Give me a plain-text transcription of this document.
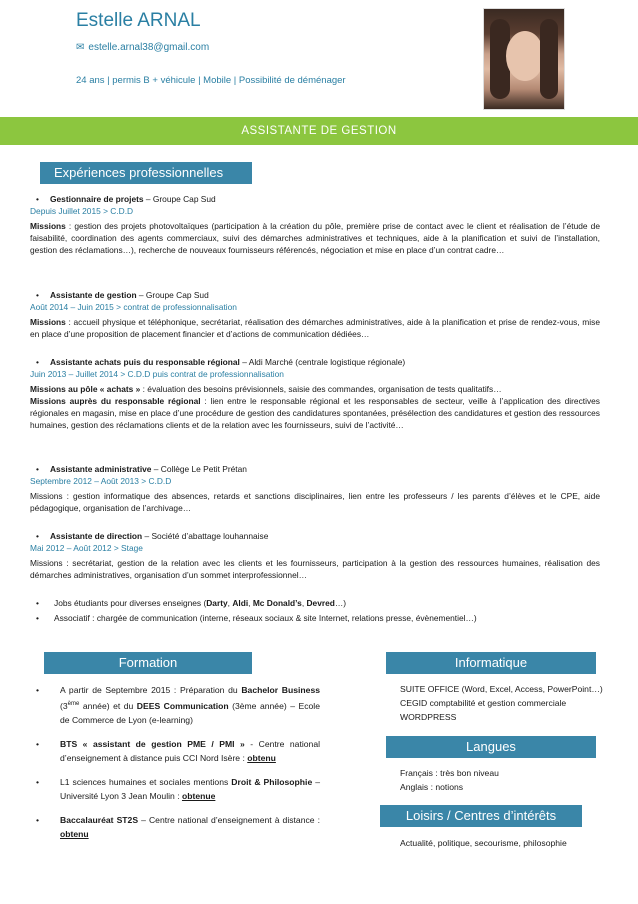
Estelle ARNAL
✉ estelle.arnal38@gmail.com
24 ans | permis B + véhicule | Mobile | Possibilité de déménager
ASSISTANTE DE GESTION
Expériences professionnelles
• Gestionnaire de projets – Groupe Cap Sud

Depuis Juillet 2015 > C.D.D

Missions : gestion des projets photovoltaïques (participation à la création du pôle, première prise de contact avec le client et réalisation de l’étude de faisabilité, coordination des agents commerciaux, suivi des démarches administratives et techniques, aide à la planification et suivi de l’installation, gestion des réclamations…), recherche de nouveaux fournisseurs référencés, négociation et mise en place d’un contrat cadre…

• Assistante de gestion – Groupe Cap Sud

Août 2014 – Juin 2015 > contrat de professionnalisation

Missions : accueil physique et téléphonique, secrétariat, réalisation des démarches administratives, aide à la planification et prise de rendez-vous, mise en place d’une proposition de placement financier et d’actions de communication dédiées…

• Assistante achats puis du responsable régional – Aldi Marché (centrale logistique régionale)

Juin 2013 – Juillet 2014 > C.D.D puis contrat de professionnalisation

Missions au pôle « achats » : évaluation des besoins prévisionnels, saisie des commandes, organisation de tests qualitatifs…

Missions auprès du responsable régional : lien entre le responsable régional et les responsables de secteur, veille à l’application des directives régionales en magasin, mise en place d’une procédure de gestion des candidatures spontanées, présélection des candidatures et gestion des ressources humaines, gestion des réclamations clients et de la relation avec les fournisseurs, suivi de l’activité…

• Assistante administrative – Collège Le Petit Prétan

Septembre 2012 – Août 2013 > C.D.D

Missions : gestion informatique des absences, retards et sanctions disciplinaires, lien entre les professeurs / les parents d’élèves et le CPE, aide pédagogique, organisation de l’archivage…

• Assistante de direction – Société d’abattage louhannaise

Mai 2012 – Août 2012 > Stage

Missions : secrétariat, gestion de la relation avec les clients et les fournisseurs, participation à la gestion des ressources humaines, réalisation des démarches administratives, organisation d’un sommet interprofessionnel…

• Jobs étudiants pour diverses enseignes (Darty, Aldi, Mc Donald’s, Devred…)
• Associatif : chargée de communication (interne, réseaux sociaux & site Internet, relations presse, évènementiel…)
Formation
• A partir de Septembre 2015 : Préparation du Bachelor Business (3ème année) et du DEES Communication (3ème année) – Ecole de Commerce de Lyon (e-learning)
• BTS « assistant de gestion PME / PMI » - Centre national d’enseignement à distance puis CCI Nord Isère : obtenu
• L1 sciences humaines et sociales mentions Droit & Philosophie – Université Lyon 3 Jean Moulin : obtenue
• Baccalauréat ST2S – Centre national d’enseignement à distance : obtenu
Informatique
SUITE OFFICE (Word, Excel, Access, PowerPoint…)
CEGID comptabilité et gestion commerciale
WORDPRESS
Langues
Français : très bon niveau
Anglais : notions
Loisirs / Centres d’intérêts
Actualité, politique, secourisme, philosophie
